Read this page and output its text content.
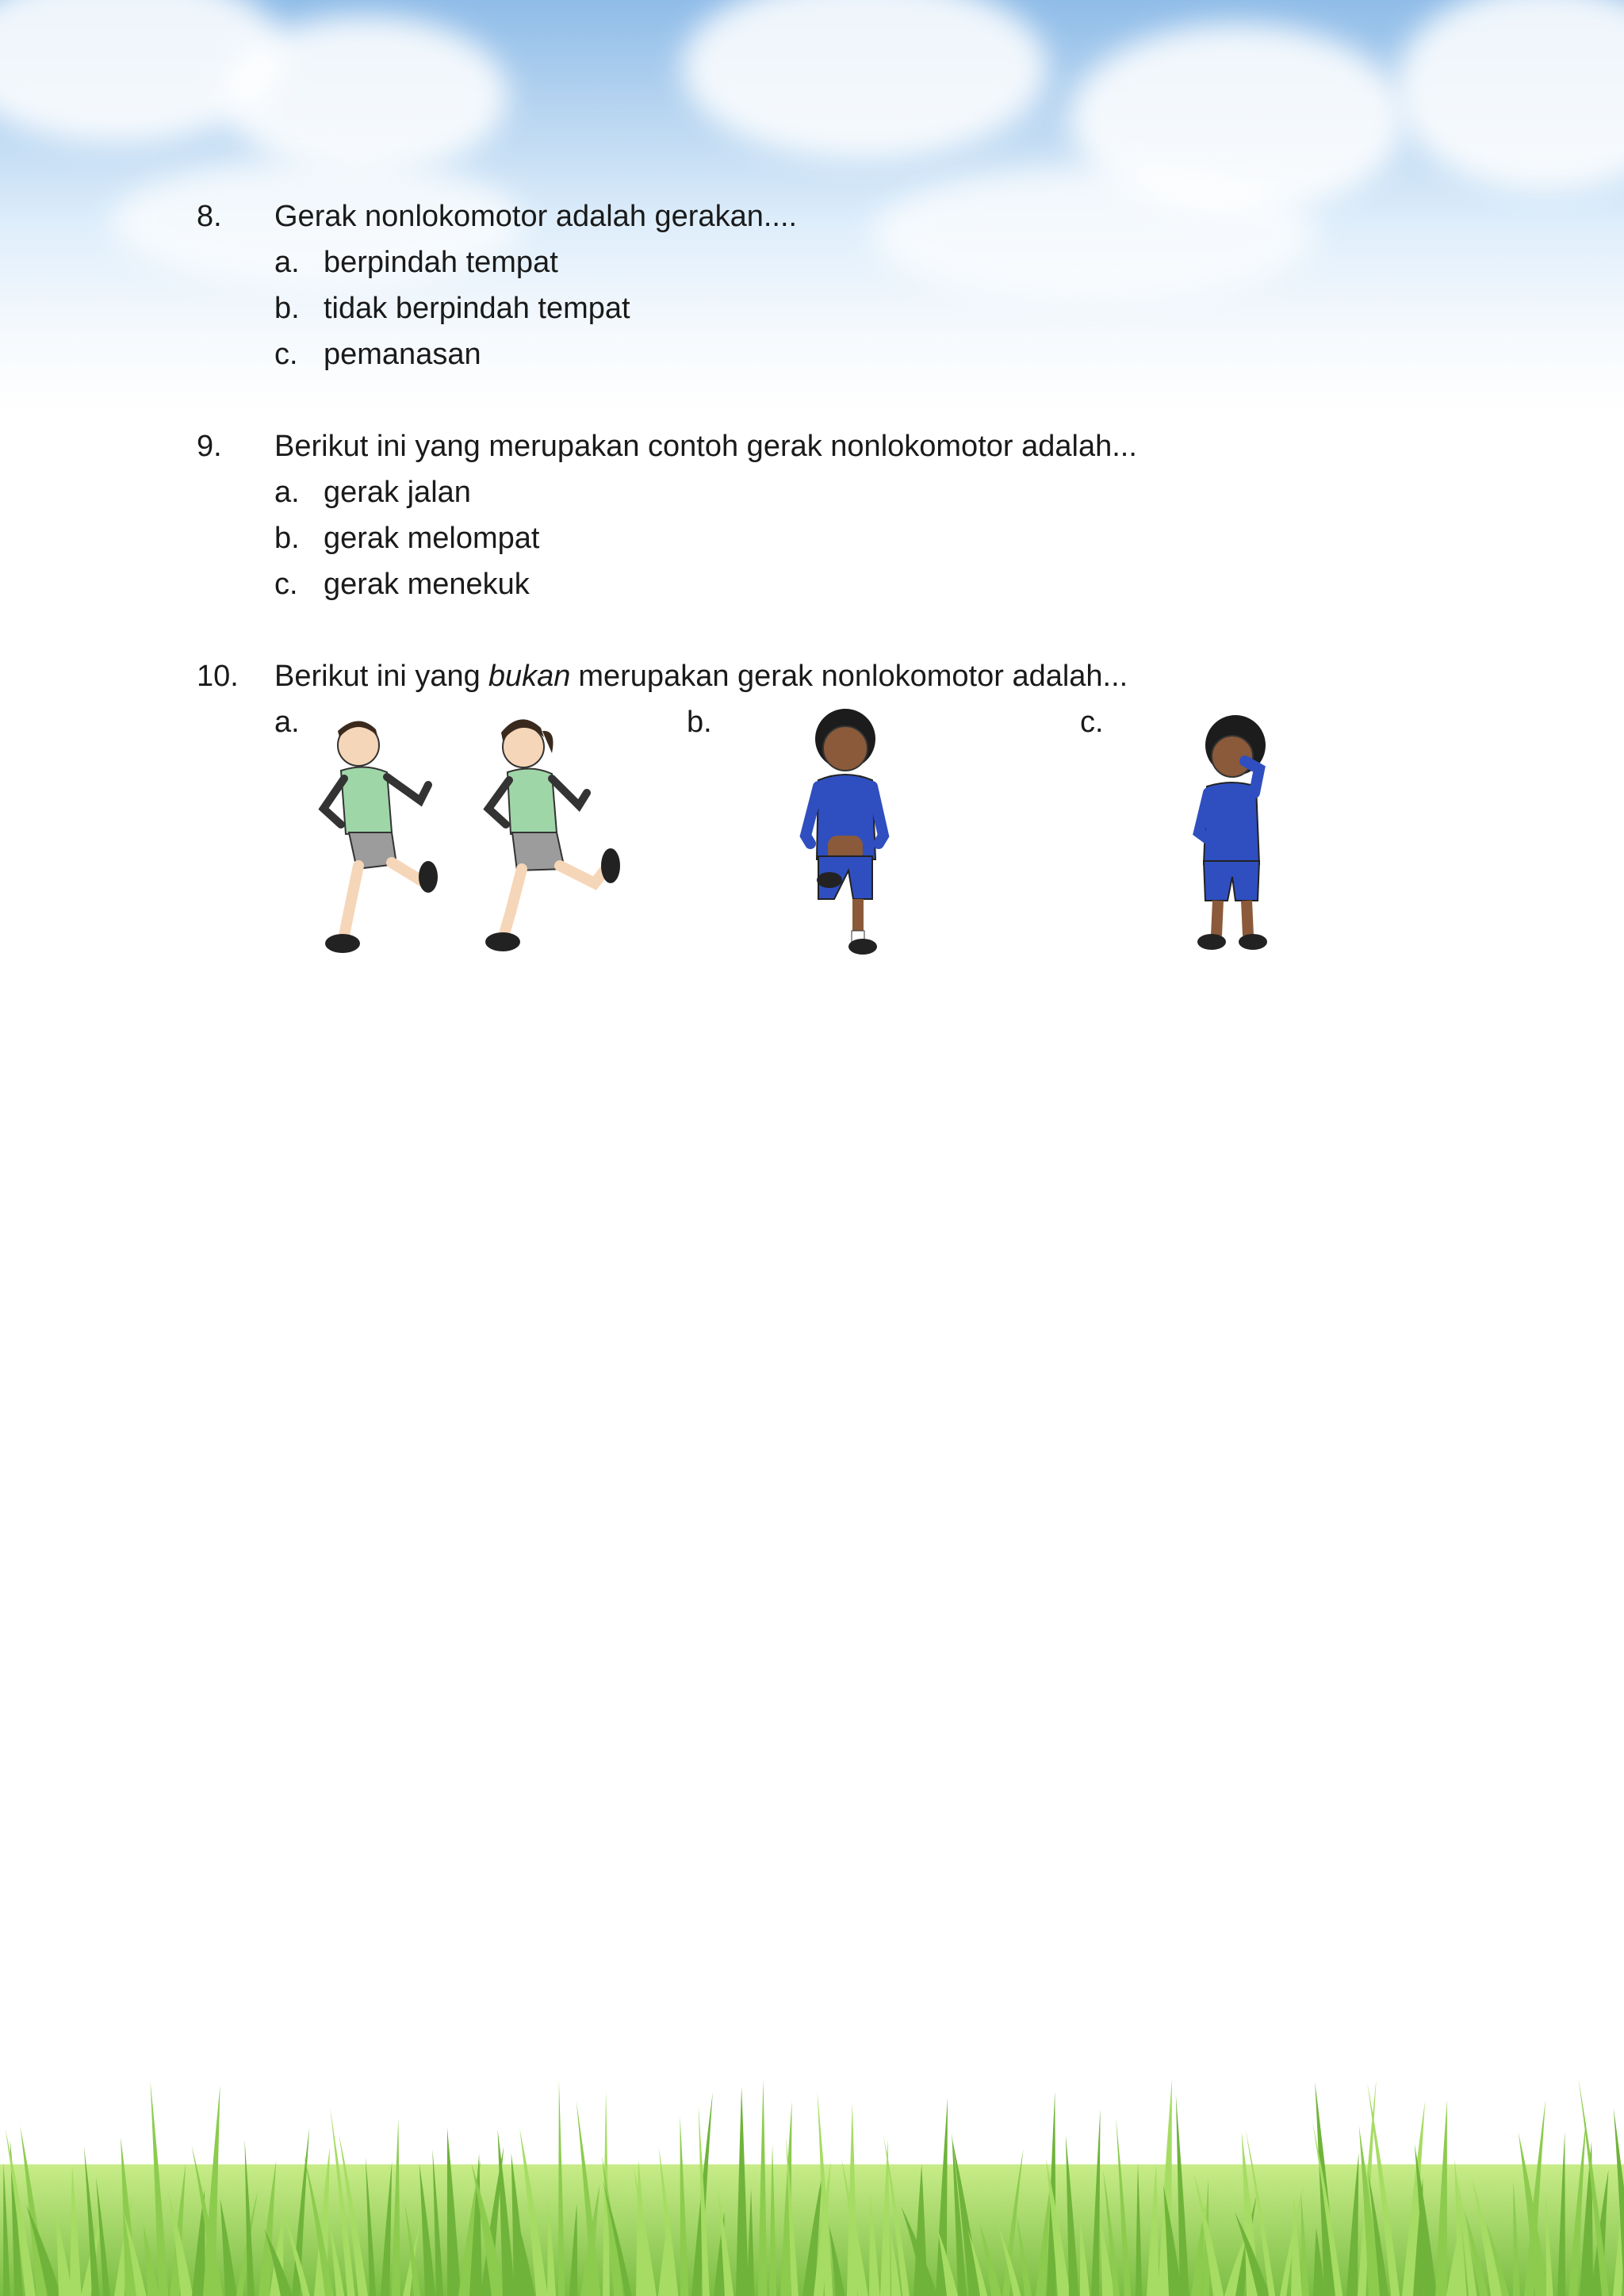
8. Gerak nonlokomotor adalah gerakan....
a. berpindah tempat
b. tidak berpindah tempat
c. pemanasan
9. Berikut ini yang merupakan contoh gerak nonlokomotor adalah...
a. gerak jalan
b. gerak melompat
c. gerak menekuk
10. Berikut ini yang bukan merupakan gerak nonlokomotor adalah...
a.	b.	c.
